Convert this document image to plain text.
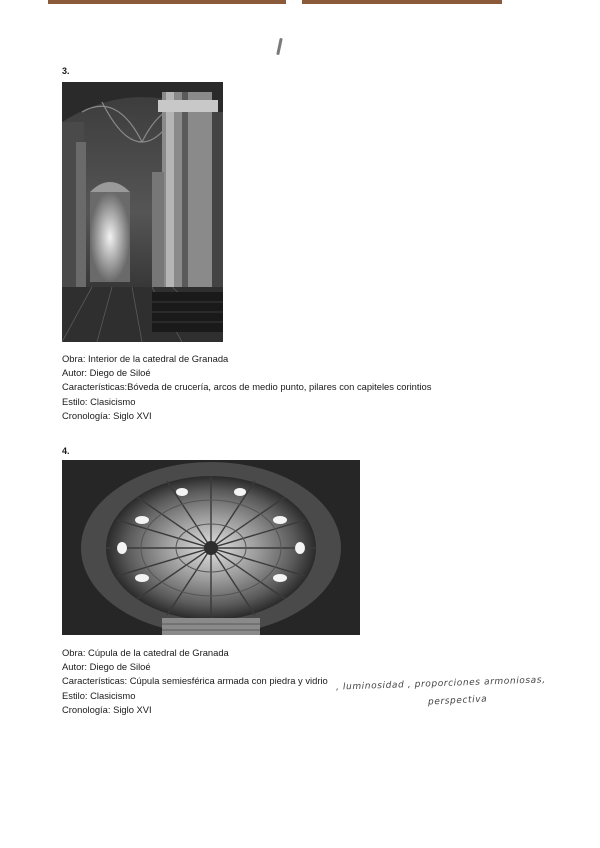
3.
Obra: Interior de la catedral de Granada
Autor: Diego de Siloé
Características:Bóveda de crucería, arcos de medio punto, pilares con capiteles corintios
Estilo: Clasicismo
Cronología: Siglo XVI
4.
Obra: Cúpula de la catedral de Granada
Autor: Diego de Siloé
Características: Cúpula semiesférica armada con piedra y vidrio
Estilo: Clasicismo
Cronología: Siglo XVI
, luminosidad , proporciones armoniosas,
perspectiva
